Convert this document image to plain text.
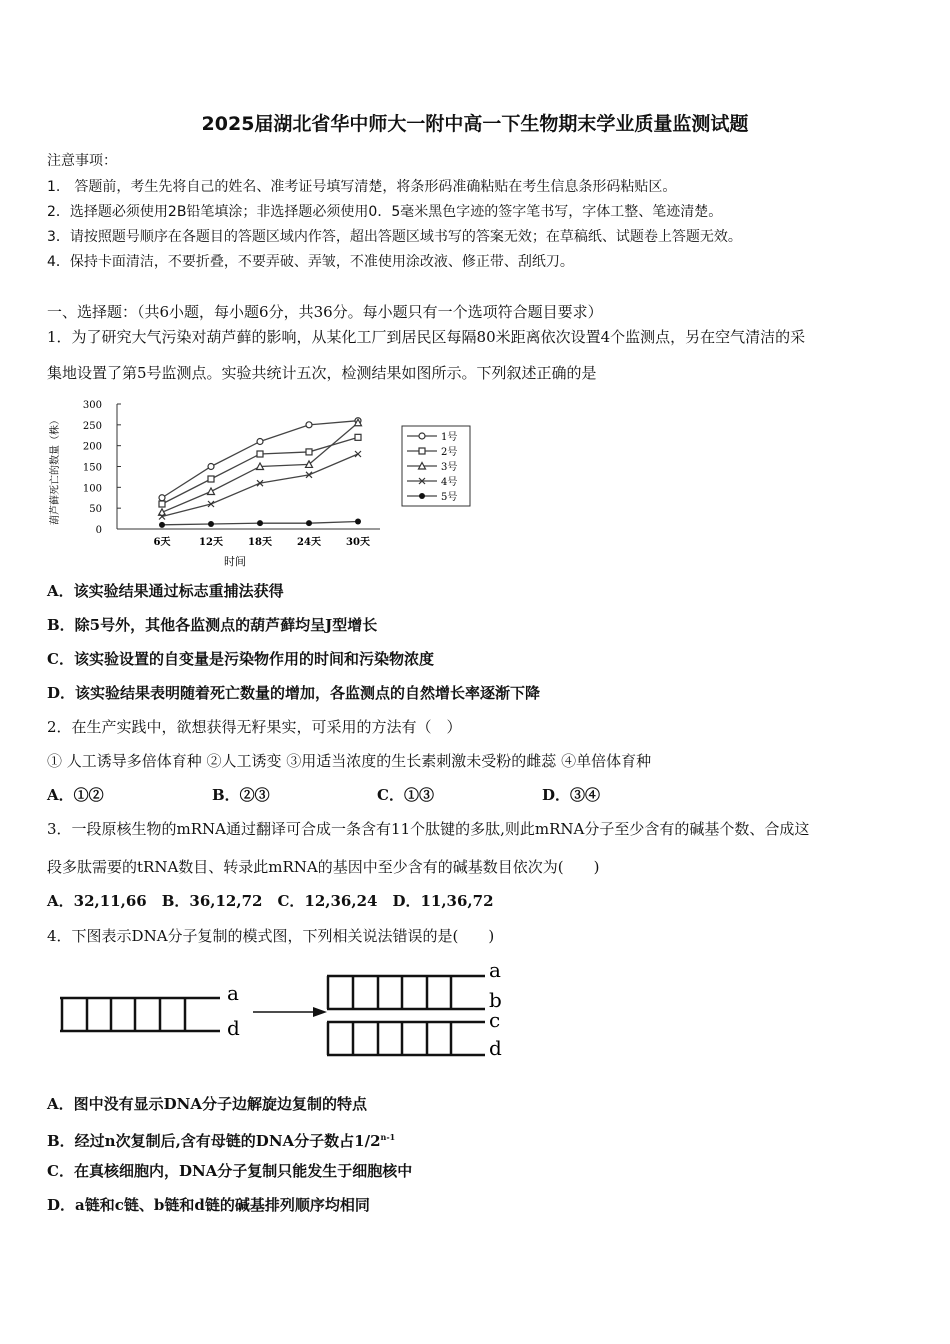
2025届湖北省华中师大一附中高一下生物期末学业质量监测试题
注意事项：
1.　答题前，考生先将自己的姓名、准考证号填写清楚，将条形码准确粘贴在考生信息条形码粘贴区。
2．选择题必须使用2B铅笔填涂；非选择题必须使用0．5毫米黑色字迹的签字笔书写，字体工整、笔迹清楚。
3．请按照题号顺序在各题目的答题区域内作答，超出答题区域书写的答案无效；在草稿纸、试题卷上答题无效。
4．保持卡面清洁，不要折叠，不要弄破、弄皱，不准使用涂改液、修正带、刮纸刀。
一、选择题：（共6小题，每小题6分，共36分。每小题只有一个选项符合题目要求）
1．为了研究大气污染对葫芦藓的影响，从某化工厂到居民区每隔80米距离依次设置4个监测点，另在空气清洁的采
集地设置了第5号监测点。实验共统计五次，检测结果如图所示。下列叙述正确的是
0
50
100
150
200
250
300
6天	12天	18天	24天	30天
1号
2号
3号
4号
5号
葫芦藓死亡的数量（株）
时间
A．该实验结果通过标志重捕法获得
B．除5号外，其他各监测点的葫芦藓均呈J型增长
C．该实验设置的自变量是污染物作用的时间和污染物浓度
D．该实验结果表明随着死亡数量的增加，各监测点的自然增长率逐渐下降
2．在生产实践中，欲想获得无籽果实，可采用的方法有（　）
① 人工诱导多倍体育种 ②人工诱变 ③用适当浓度的生长素刺激未受粉的雌蕊 ④单倍体育种
A．①②	B．②③	C．①③	D．③④
3．一段原核生物的mRNA通过翻译可合成一条含有11个肽键的多肽,则此mRNA分子至少含有的碱基个数、合成这
段多肽需要的tRNA数目、转录此mRNA的基因中至少含有的碱基数目依次为(　　)
A．32,11,66　B．36,12,72　C．12,36,24　D．11,36,72
4．下图表示DNA分子复制的模式图，下列相关说法错误的是(　　)
a
d
a
b
c
d
A．图中没有显示DNA分子边解旋边复制的特点
B．经过n次复制后,含有母链的DNA分子数占1/2$^{n-1}$
C．在真核细胞内，DNA分子复制只能发生于细胞核中
D．a链和c链、b链和d链的碱基排列顺序均相同
